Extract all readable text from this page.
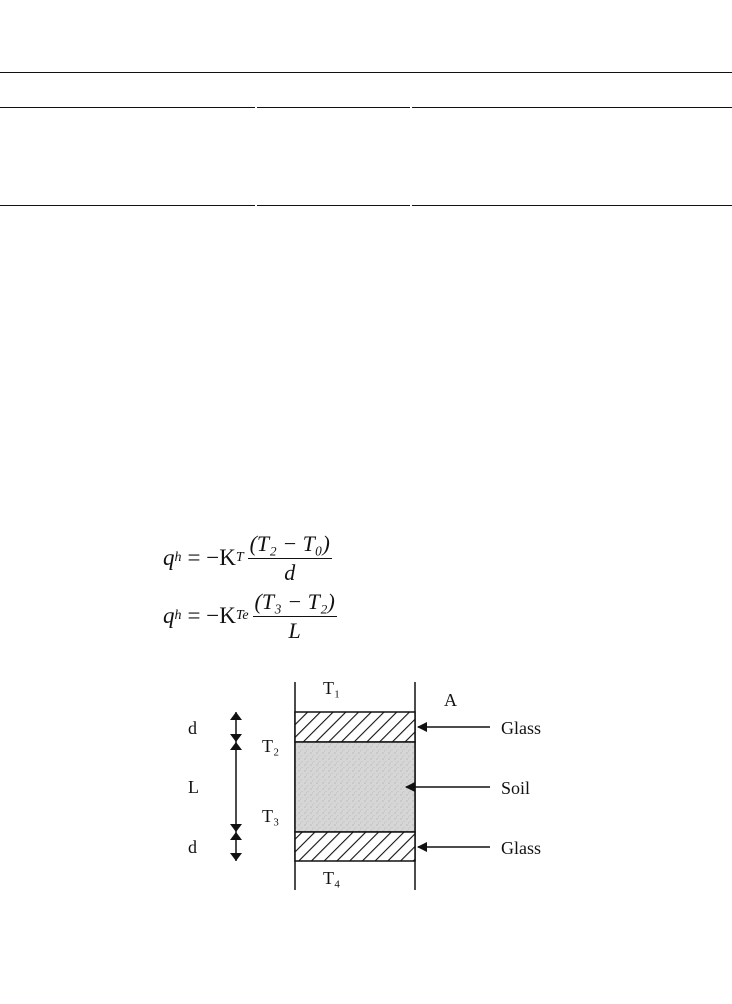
q h = −K T $\frac{\text{(T₂ − T₀)}}{d}$
q h = −K Te $\frac{\text{(T₃ − T₂)}}{L}$
T₁
T₂
T₃
T₄
A
d
L
d
Glass
Soil
Glass
